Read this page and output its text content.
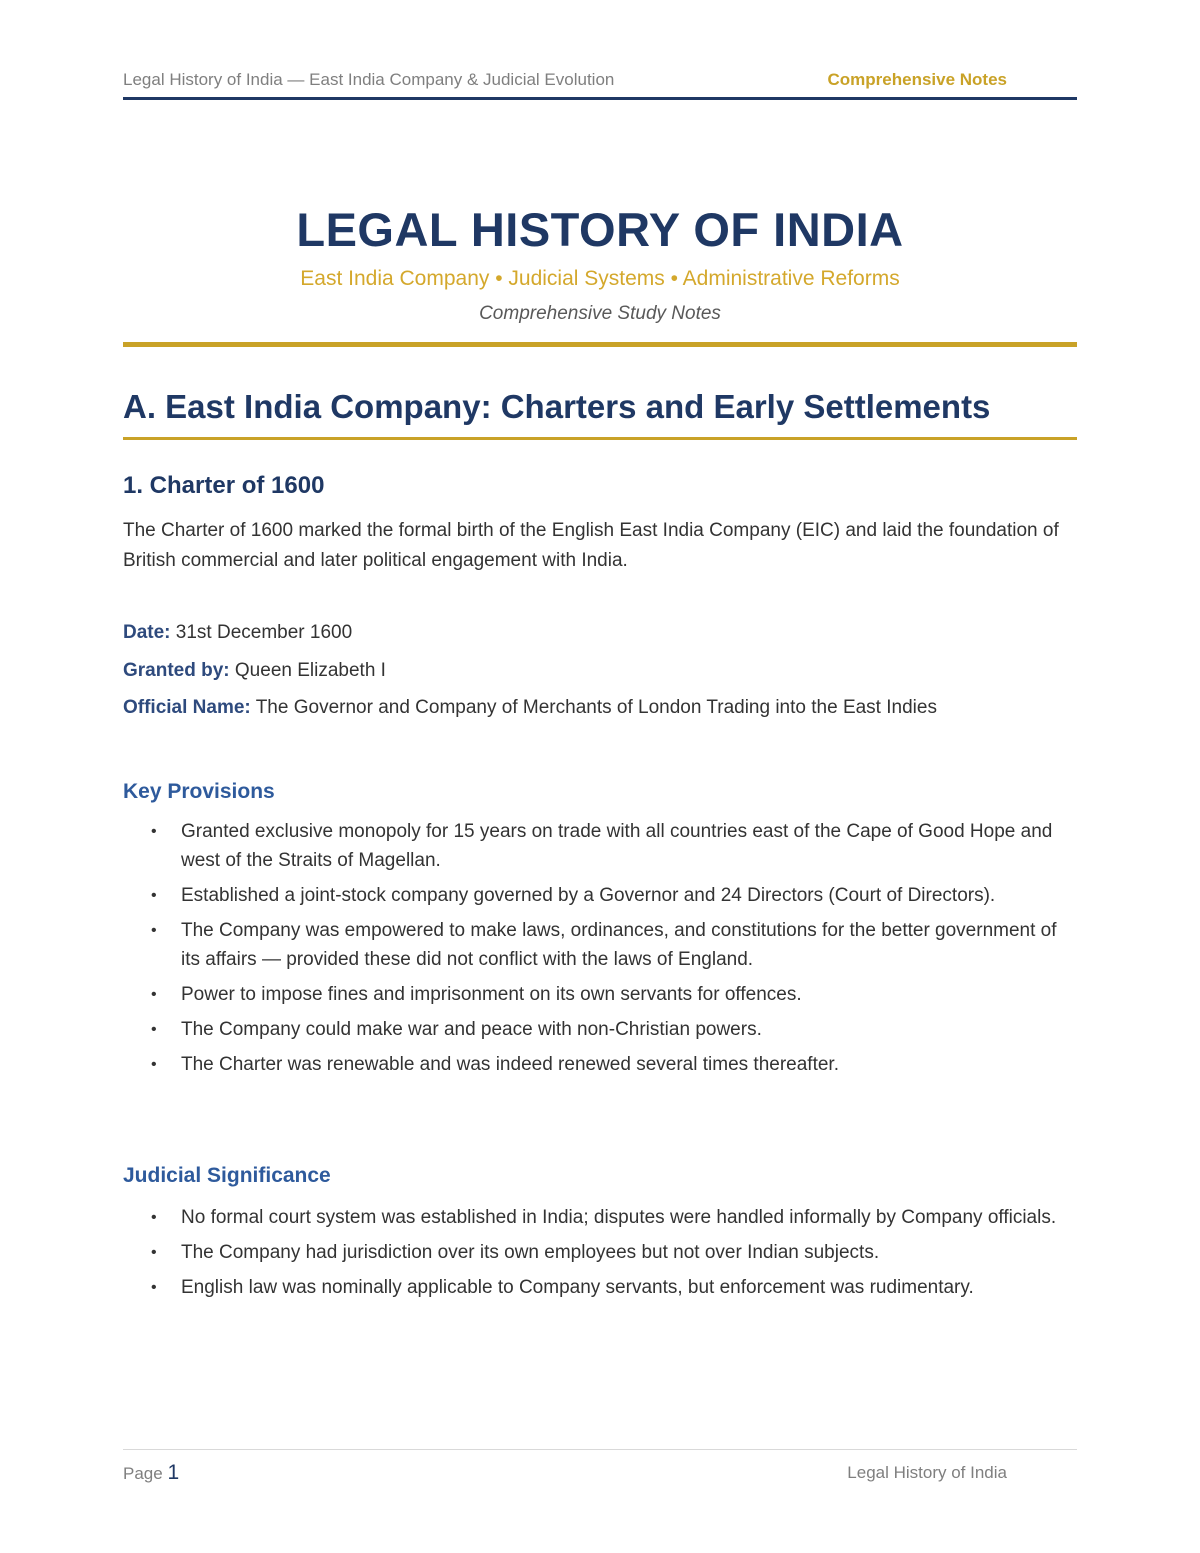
Legal History of India — East India Company & Judicial Evolution	Comprehensive Notes
LEGAL HISTORY OF INDIA
East India Company • Judicial Systems • Administrative Reforms
Comprehensive Study Notes
A. East India Company: Charters and Early Settlements
1. Charter of 1600
The Charter of 1600 marked the formal birth of the English East India Company (EIC) and laid the foundation of British commercial and later political engagement with India.
Date: 31st December 1600
Granted by: Queen Elizabeth I
Official Name: The Governor and Company of Merchants of London Trading into the East Indies
Key Provisions
• Granted exclusive monopoly for 15 years on trade with all countries east of the Cape of Good Hope and west of the Straits of Magellan.
• Established a joint-stock company governed by a Governor and 24 Directors (Court of Directors).
• The Company was empowered to make laws, ordinances, and constitutions for the better government of its affairs — provided these did not conflict with the laws of England.
• Power to impose fines and imprisonment on its own servants for offences.
• The Company could make war and peace with non-Christian powers.
• The Charter was renewable and was indeed renewed several times thereafter.
Judicial Significance
• No formal court system was established in India; disputes were handled informally by Company officials.
• The Company had jurisdiction over its own employees but not over Indian subjects.
• English law was nominally applicable to Company servants, but enforcement was rudimentary.
Page 1	Legal History of India
